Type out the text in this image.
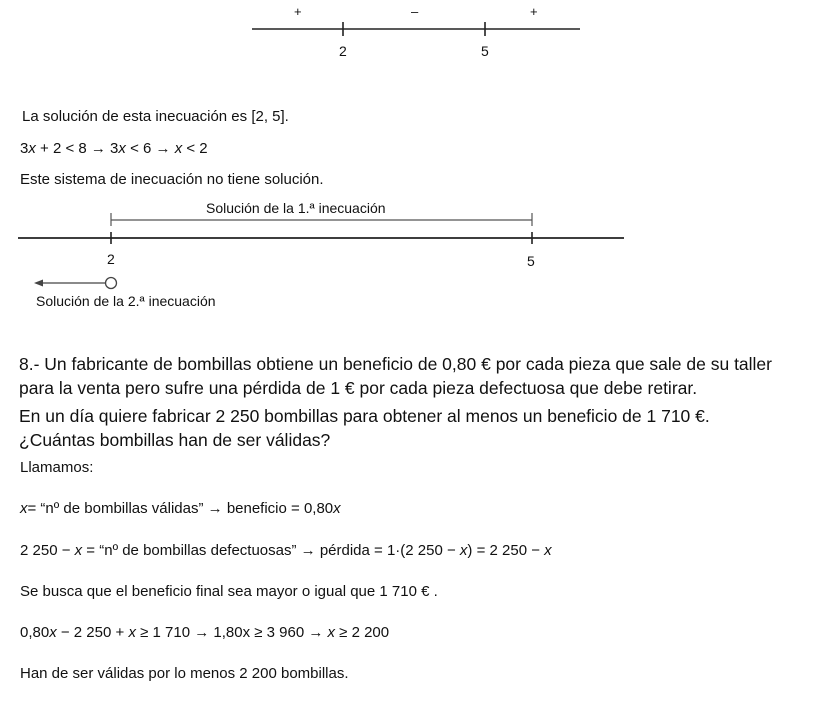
+	–	+
2	5
La solución de esta inecuación es [2, 5].
3x + 2 < 8 → 3x < 6 → x < 2
Este sistema de inecuación no tiene solución.
Solución de la 1.ª inecuación
2	5
Solución de la 2.ª inecuación
8.- Un fabricante de bombillas obtiene un beneficio de 0,80 € por cada pieza que sale de su taller
para la venta pero sufre una pérdida de 1 € por cada pieza defectuosa que debe retirar.
En un día quiere fabricar 2 250 bombillas para obtener al menos un beneficio de 1 710 €.
¿Cuántas bombillas han de ser válidas?
Llamamos:
x= “nº de bombillas válidas” → beneficio = 0,80x
2 250 − x = “nº de bombillas defectuosas” → pérdida = 1·(2 250 − x) = 2 250 − x
Se busca que el beneficio final sea mayor o igual que 1 710 € .
0,80x − 2 250 + x ≥ 1 710 → 1,80x ≥ 3 960 → x ≥ 2 200
Han de ser válidas por lo menos 2 200 bombillas.
